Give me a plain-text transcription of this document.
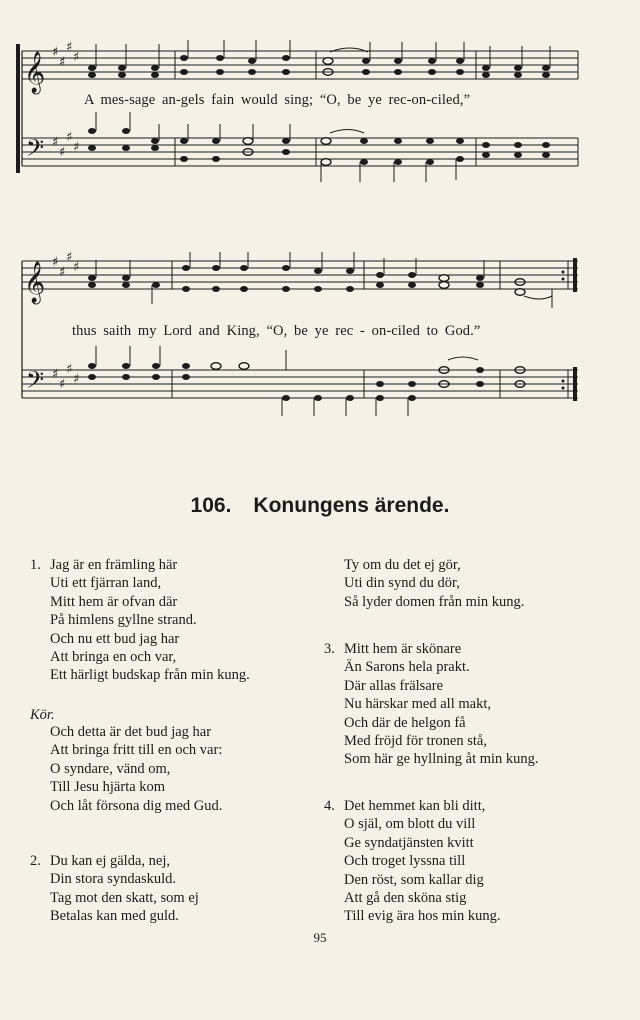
𝄞
𝄢
♯
♯
♯
♯
♯
♯
♯
♯
A mes-sage an-gels fain would sing; “O, be ye rec-on-ciled,”
𝄞
𝄢
♯
♯
♯
♯
♯
♯
♯
♯
thus saith my Lord and King, “O, be ye rec - on-ciled to God.”
106. Konungens ärende.
1. Jag är en främling här
Uti ett fjärran land,
Mitt hem är ofvan där
På himlens gyllne strand.
Och nu ett bud jag har
Att bringa en och var,
Ett härligt budskap från min kung.
Kör.
Och detta är det bud jag har
Att bringa fritt till en och var:
O syndare, vänd om,
Till Jesu hjärta kom
Och låt försona dig med Gud.
2. Du kan ej gälda, nej,
Din stora syndaskuld.
Tag mot den skatt, som ej
Betalas kan med guld.
Ty om du det ej gör,
Uti din synd du dör,
Så lyder domen från min kung.
3. Mitt hem är skönare
Än Sarons hela prakt.
Där allas frälsare
Nu härskar med all makt,
Och där de helgon få
Med fröjd för tronen stå,
Som här ge hyllning åt min kung.
4. Det hemmet kan bli ditt,
O själ, om blott du vill
Ge syndatjänsten kvitt
Och troget lyssna till
Den röst, som kallar dig
Att gå den sköna stig
Till evig ära hos min kung.
95
